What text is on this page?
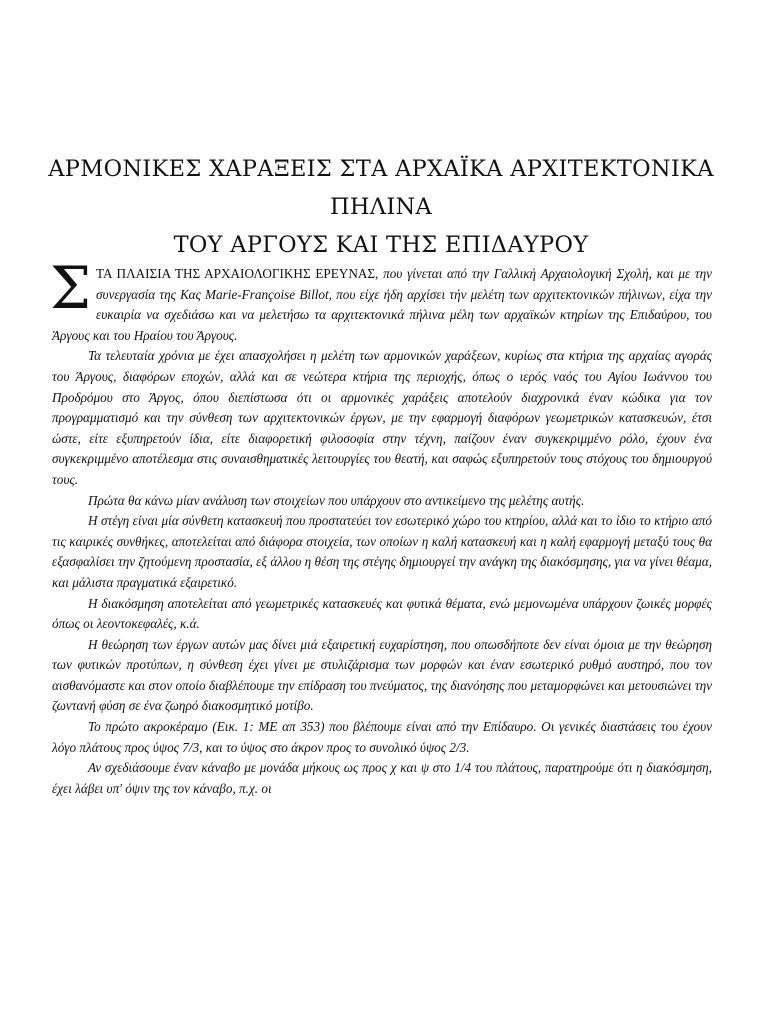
ΑΡΜΟΝΙΚΕΣ ΧΑΡΑΞΕΙΣ ΣΤΑ ΑΡΧΑΪΚΑ ΑΡΧΙΤΕΚΤΟΝΙΚΑ
ΠΗΛΙΝΑ
ΤΟΥ ΑΡΓΟΥΣ ΚΑΙ ΤΗΣ ΕΠΙΔΑΥΡΟΥ

ΣΤΑ ΠΛΑΙΣΙΑ ΤΗΣ ΑΡΧΑΙΟΛΟΓΙΚΗΣ ΕΡΕΥΝΑΣ, που γίνεται από την Γαλλική Αρχαιολογική Σχολή, και με την συνεργασία της Κας Marie-Françoise Billot, που είχε ήδη αρχίσει τήν μελέτη των αρχιτεκτονικών πήλινων, είχα την ευκαιρία να σχεδιάσω και να μελετήσω τα αρχιτεκτονικά πήλινα μέλη των αρχαϊκών κτηρίων της Επιδαύρου, του Άργους και του Ηραίου του Άργους.

Τα τελευταία χρόνια με έχει απασχολήσει η μελέτη των αρμονικών χαράξεων, κυρίως στα κτήρια της αρχαίας αγοράς του Άργους, διαφόρων εποχών, αλλά και σε νεώτερα κτήρια της περιοχής, όπως ο ιερός ναός του Αγίου Ιωάννου του Προδρόμου στο Άργος, όπου διεπίστωσα ότι οι αρμονικές χαράξεις αποτελούν διαχρονικά έναν κώδικα για τον προγραμματισμό και την σύνθεση των αρχιτεκτονικών έργων, με την εφαρμογή διαφόρων γεωμετρικών κατασκευών, έτσι ώστε, είτε εξυπηρετούν ίδια, είτε διαφορετική φιλοσοφία στην τέχνη, παίζουν έναν συγκεκριμμένο ρόλο, έχουν ένα συγκεκριμμένο αποτέλεσμα στις συναισθηματικές λειτουργίες του θεατή, και σαφώς εξυπηρετούν τους στόχους του δημιουργού τους.

Πρώτα θα κάνω μίαν ανάλυση των στοιχείων που υπάρχουν στο αντικείμενο της μελέτης αυτής.

Η στέγη είναι μία σύνθετη κατασκευή που προστατεύει τον εσωτερικό χώρο του κτηρίου, αλλά και το ίδιο το κτήριο από τις καιρικές συνθήκες, αποτελείται από διάφορα στοιχεία, των οποίων η καλή κατασκευή και η καλή εφαρμογή μεταξύ τους θα εξασφαλίσει την ζητούμενη προστασία, εξ άλλου η θέση της στέγης δημιουργεί την ανάγκη της διακόσμησης, για να γίνει θέαμα, και μάλιστα πραγματικά εξαιρετικό.

Η διακόσμηση αποτελείται από γεωμετρικές κατασκευές και φυτικά θέματα, ενώ μεμονωμένα υπάρχουν ζωικές μορφές όπως οι λεοντοκεφαλές, κ.ά.

Η θεώρηση των έργων αυτών μας δίνει μιά εξαιρετική ευχαρίστηση, που οπωσδήποτε δεν είναι όμοια με την θεώρηση των φυτικών προτύπων, η σύνθεση έχει γίνει με στυλιζάρισμα των μορφών και έναν εσωτερικό ρυθμό αυστηρό, που τον αισθανόμαστε και στον οποίο διαβλέπουμε την επίδραση του πνεύματος, της διανόησης που μεταμορφώνει και μετουσιώνει την ζωντανή φύση σε ένα ζωηρό διακοσμητικό μοτίβο.

Το πρώτο ακροκέραμο (Εικ. 1: ΜΕ απ 353) που βλέπουμε είναι από την Επίδαυρο. Οι γενικές διαστάσεις του έχουν λόγο πλάτους προς ύψος 7/3, και το ύψος στο άκρον προς το συνολικό ύψος 2/3.

Αν σχεδιάσουμε έναν κάναβο με μονάδα μήκους ως προς χ και ψ στο 1/4 του πλάτους, παρατηρούμε ότι η διακόσμηση, έχει λάβει υπ' όψιν της τον κάναβο, π.χ. οι
